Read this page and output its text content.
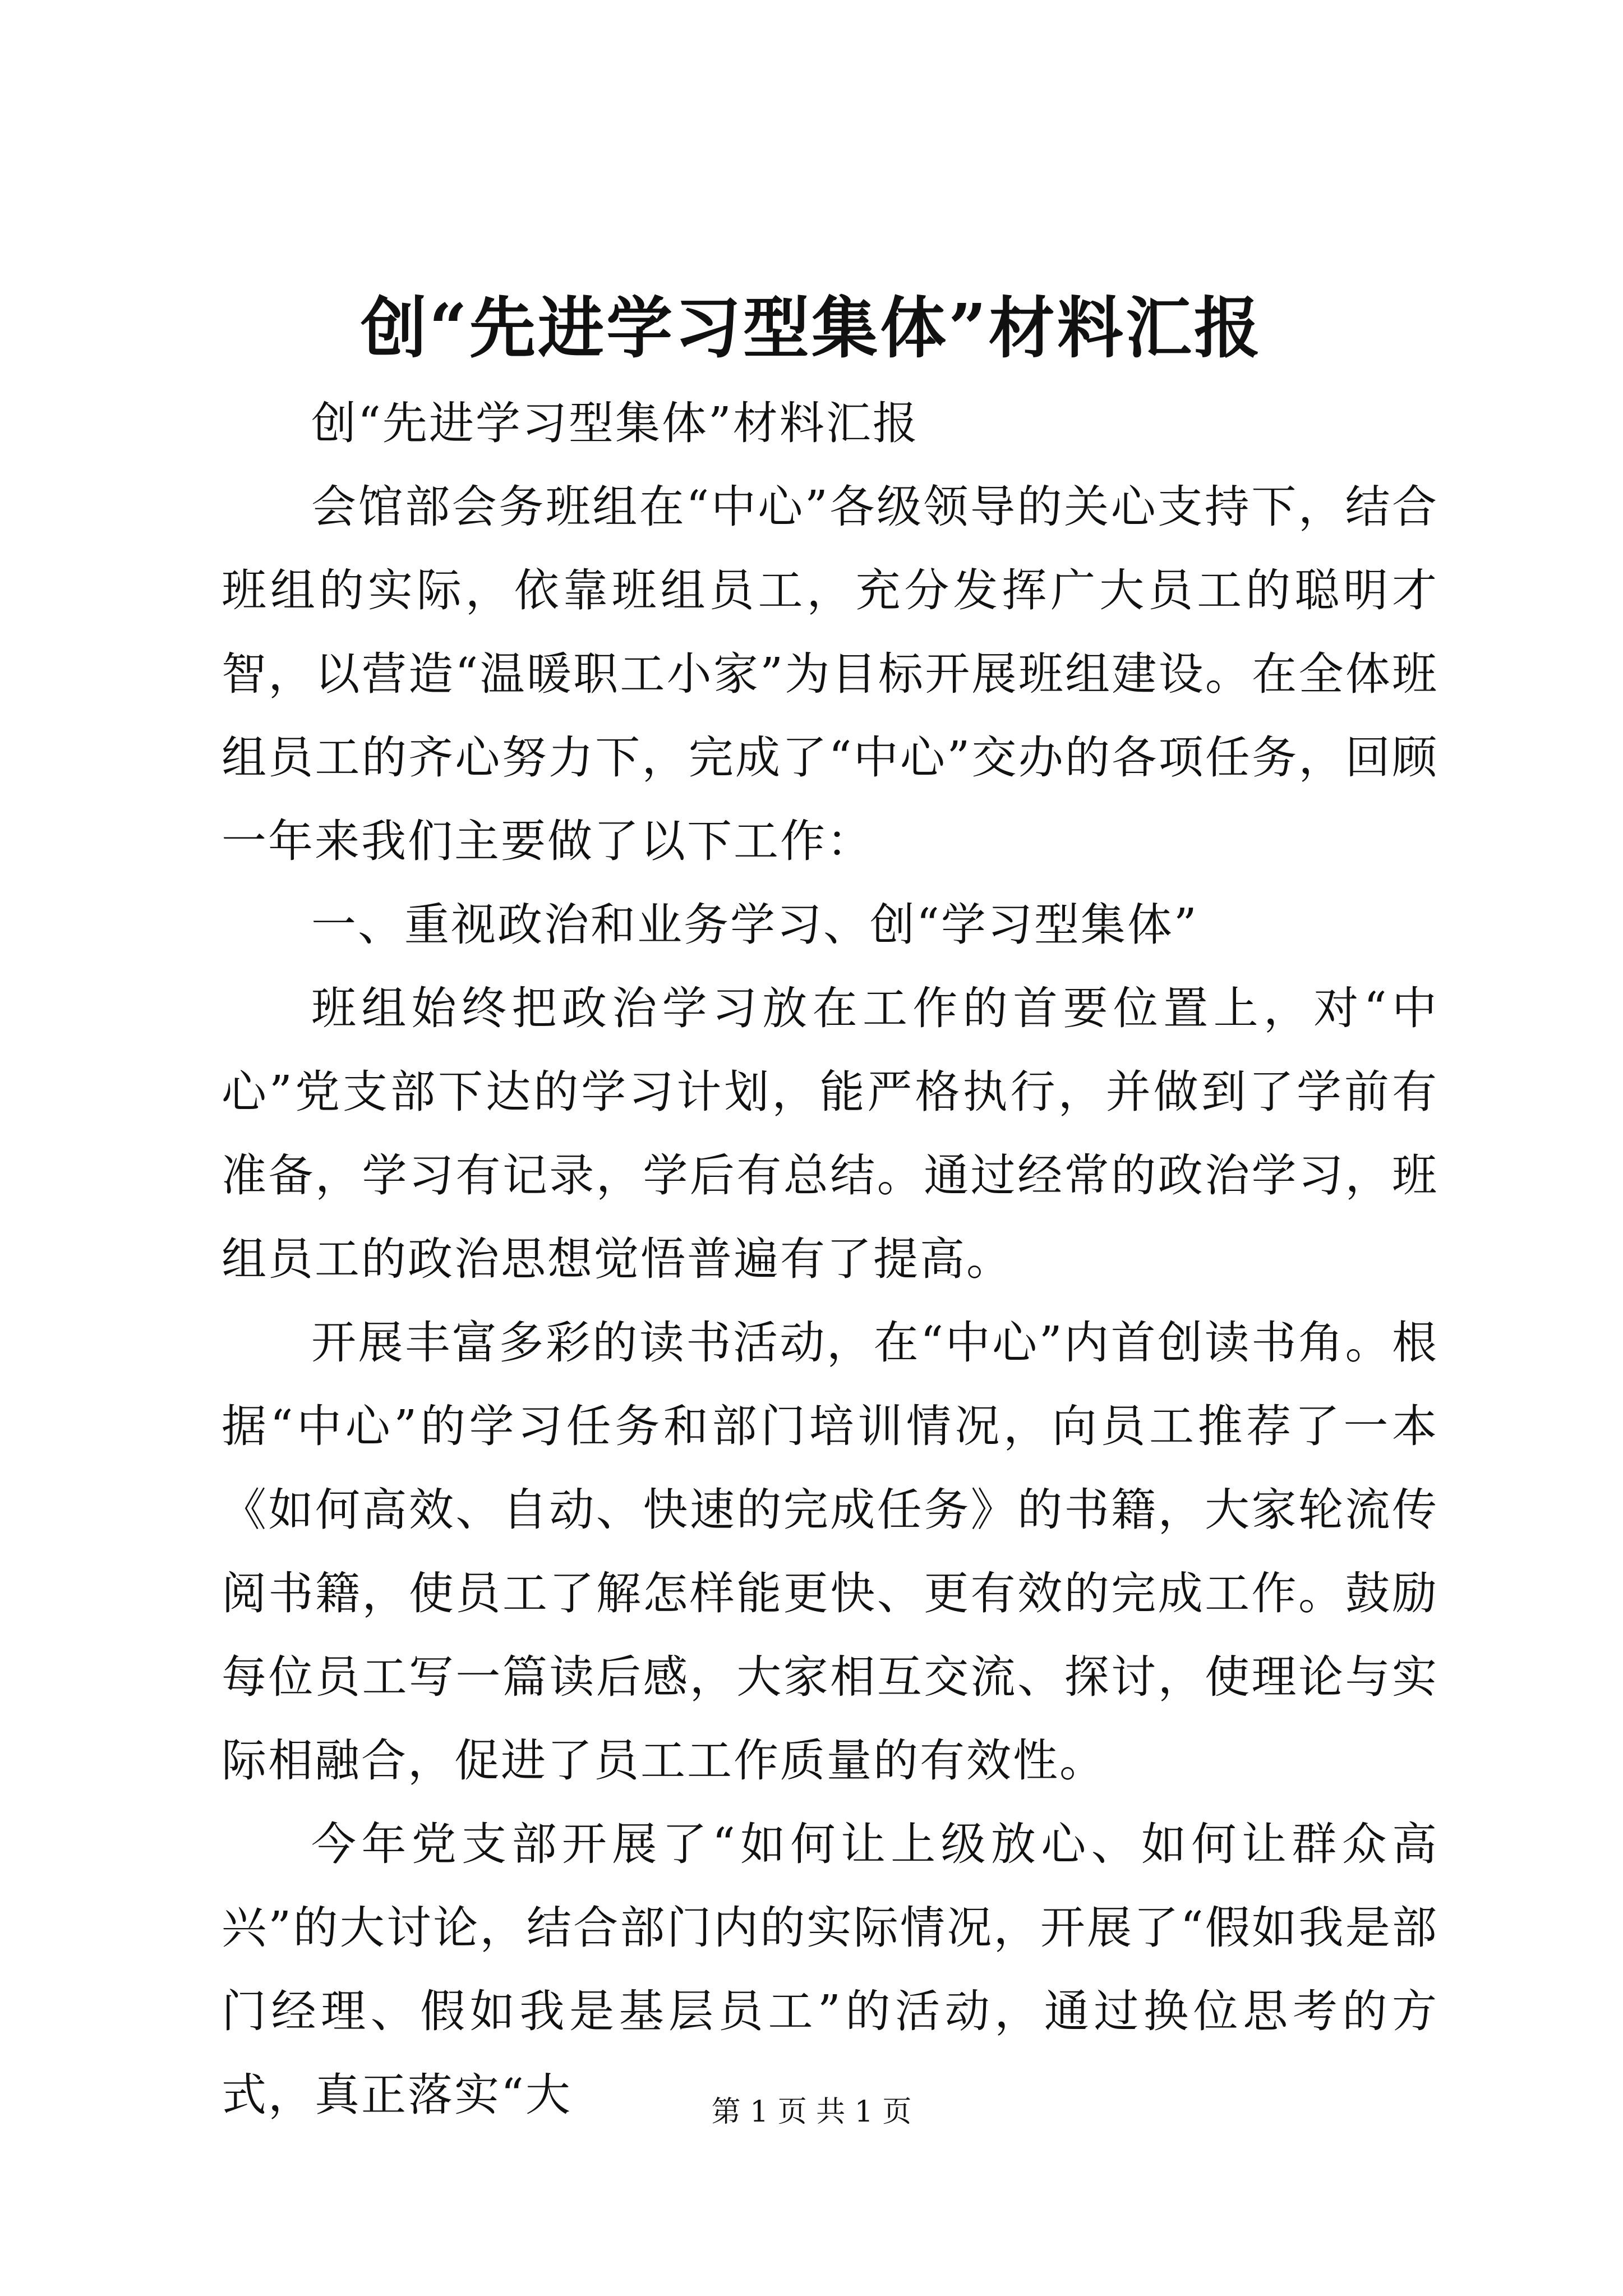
创“先进学习型集体”材料汇报

创“先进学习型集体”材料汇报

会馆部会务班组在“中心”各级领导的关心支持下，结合班组的实际，依靠班组员工，充分发挥广大员工的聪明才智，以营造“温暖职工小家”为目标开展班组建设。在全体班组员工的齐心努力下，完成了“中心”交办的各项任务，回顾一年来我们主要做了以下工作：

一、重视政治和业务学习、创“学习型集体”

班组始终把政治学习放在工作的首要位置上，对“中心”党支部下达的学习计划，能严格执行，并做到了学前有准备，学习有记录，学后有总结。通过经常的政治学习，班组员工的政治思想觉悟普遍有了提高。

开展丰富多彩的读书活动，在“中心”内首创读书角。根据“中心”的学习任务和部门培训情况，向员工推荐了一本《如何高效、自动、快速的完成任务》的书籍，大家轮流传阅书籍，使员工了解怎样能更快、更有效的完成工作。鼓励每位员工写一篇读后感，大家相互交流、探讨，使理论与实际相融合，促进了员工工作质量的有效性。

今年党支部开展了“如何让上级放心、如何让群众高兴”的大讨论，结合部门内的实际情况，开展了“假如我是部门经理、假如我是基层员工”的活动，通过换位思考的方式，真正落实“大	第 1 页 共 1 页
